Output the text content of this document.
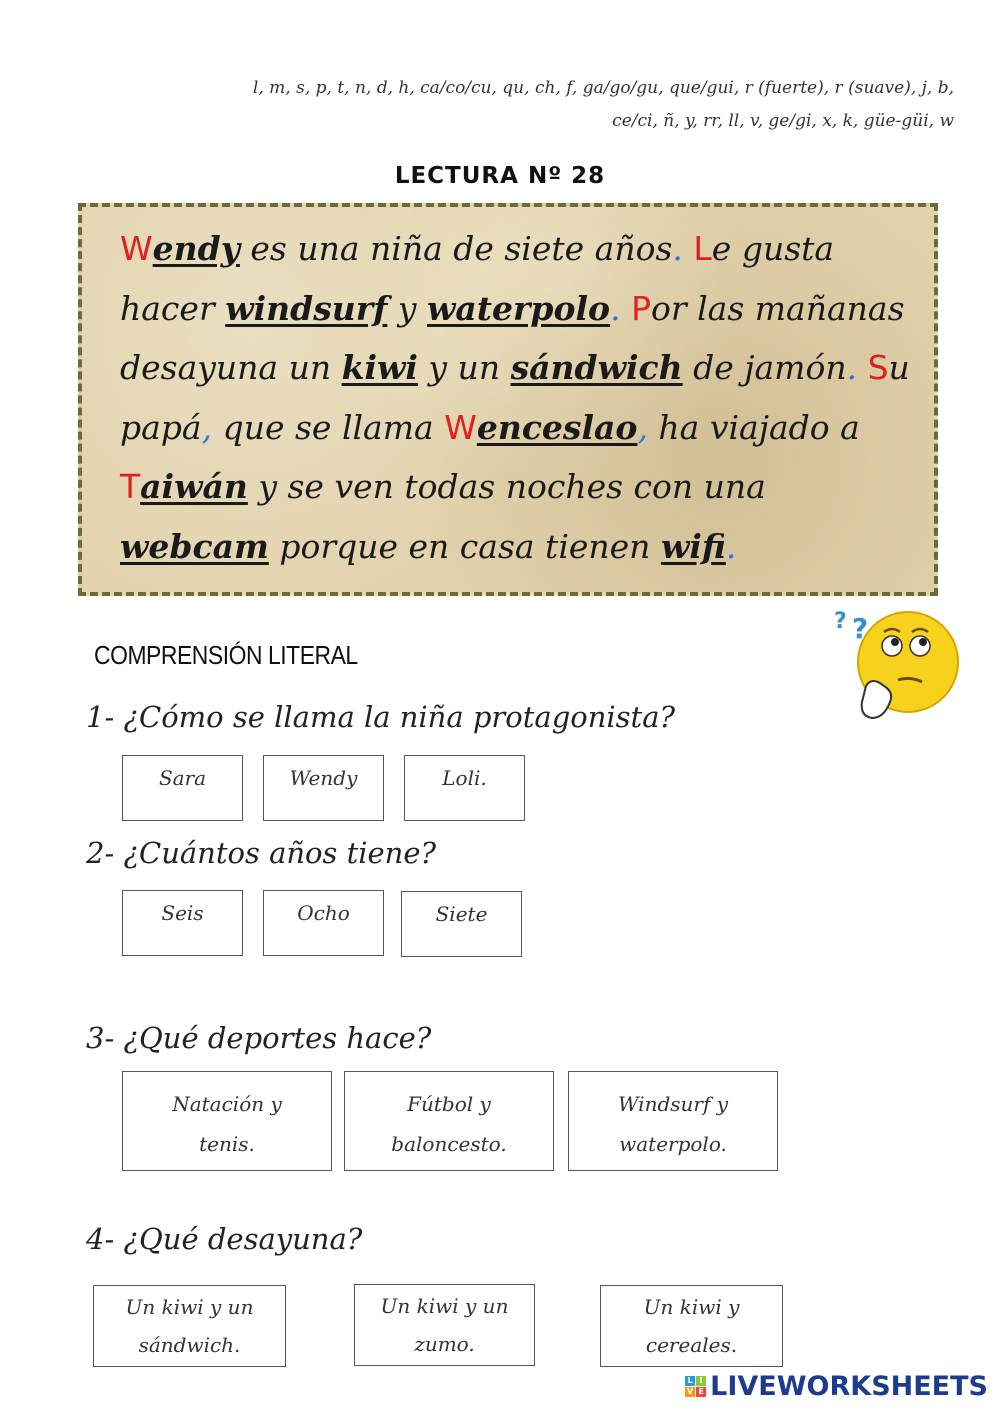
l, m, s, p, t, n, d, h, ca/co/cu, qu, ch, f, ga/go/gu, que/gui, r (fuerte), r (suave), j, b,
ce/ci, ñ, y, rr, ll, v, ge/gi, x, k, güe-güi, w
LECTURA Nº 28
Wendy es una niña de siete años. Le gusta
hacer windsurf y waterpolo. Por las mañanas
desayuna un kiwi y un sándwich de jamón. Su
papá, que se llama Wenceslao, ha viajado a
Taiwán y se ven todas noches con una
webcam porque en casa tienen wifi.
COMPRENSIÓN LITERAL
? ?
1- ¿Cómo se llama la niña protagonista?
Sara	Wendy	Loli.
2- ¿Cuántos años tiene?
Seis	Ocho	Siete
3- ¿Qué deportes hace?
Natación y
tenis.
Fútbol y
baloncesto.
Windsurf y
waterpolo.
4- ¿Qué desayuna?
Un kiwi y un
sándwich.
Un kiwi y un
zumo.
Un kiwi y
cereales.
L I
V E LIVEWORKSHEETS
